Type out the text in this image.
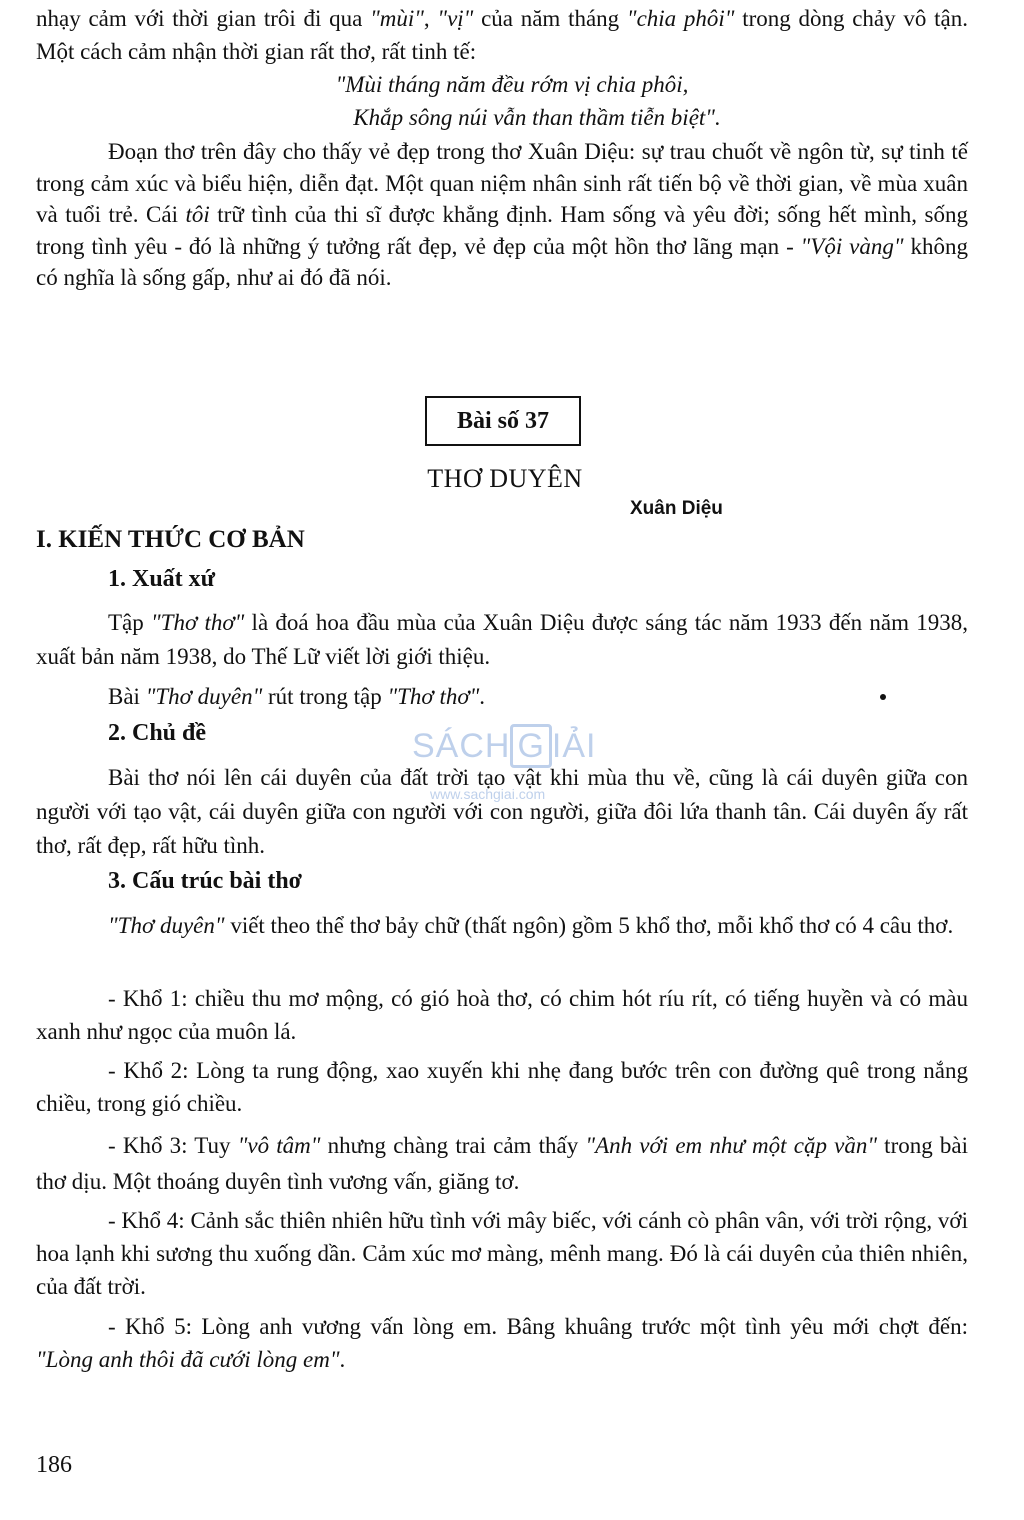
nhạy cảm với thời gian trôi đi qua "mùi", "vị" của năm tháng "chia phôi" trong dòng chảy vô tận. Một cách cảm nhận thời gian rất thơ, rất tinh tế:

"Mùi tháng năm đều rớm vị chia phôi,
Khắp sông núi vẫn than thầm tiễn biệt".

Đoạn thơ trên đây cho thấy vẻ đẹp trong thơ Xuân Diệu: sự trau chuốt về ngôn từ, sự tinh tế trong cảm xúc và biểu hiện, diễn đạt. Một quan niệm nhân sinh rất tiến bộ về thời gian, về mùa xuân và tuổi trẻ. Cái tôi trữ tình của thi sĩ được khẳng định. Ham sống và yêu đời; sống hết mình, sống trong tình yêu - đó là những ý tưởng rất đẹp, vẻ đẹp của một hồn thơ lãng mạn - "Vội vàng" không có nghĩa là sống gấp, như ai đó đã nói.

Bài số 37
THƠ DUYÊN
Xuân Diệu
I. KIẾN THỨC CƠ BẢN
1. Xuất xứ

Tập "Thơ thơ" là đoá hoa đầu mùa của Xuân Diệu được sáng tác năm 1933 đến năm 1938, xuất bản năm 1938, do Thế Lữ viết lời giới thiệu.

Bài "Thơ duyên" rút trong tập "Thơ thơ".

2. Chủ đề

Bài thơ nói lên cái duyên của đất trời tạo vật khi mùa thu về, cũng là cái duyên giữa con người với tạo vật, cái duyên giữa con người với con người, giữa đôi lứa thanh tân. Cái duyên ấy rất thơ, rất đẹp, rất hữu tình.

3. Cấu trúc bài thơ

"Thơ duyên" viết theo thể thơ bảy chữ (thất ngôn) gồm 5 khổ thơ, mỗi khổ thơ có 4 câu thơ.

- Khổ 1: chiều thu mơ mộng, có gió hoà thơ, có chim hót ríu rít, có tiếng huyền và có màu xanh như ngọc của muôn lá.

- Khổ 2: Lòng ta rung động, xao xuyến khi nhẹ đang bước trên con đường quê trong nắng chiều, trong gió chiều.

- Khổ 3: Tuy "vô tâm" nhưng chàng trai cảm thấy "Anh với em như một cặp vần" trong bài thơ dịu. Một thoáng duyên tình vương vấn, giăng tơ.

- Khổ 4: Cảnh sắc thiên nhiên hữu tình với mây biếc, với cánh cò phân vân, với trời rộng, với hoa lạnh khi sương thu xuống dần. Cảm xúc mơ màng, mênh mang. Đó là cái duyên của thiên nhiên, của đất trời.

- Khổ 5: Lòng anh vương vấn lòng em. Bâng khuâng trước một tình yêu mới chợt đến: "Lòng anh thôi đã cưới lòng em".

SÁCH G IẢI
www.sachgiai.com
186
